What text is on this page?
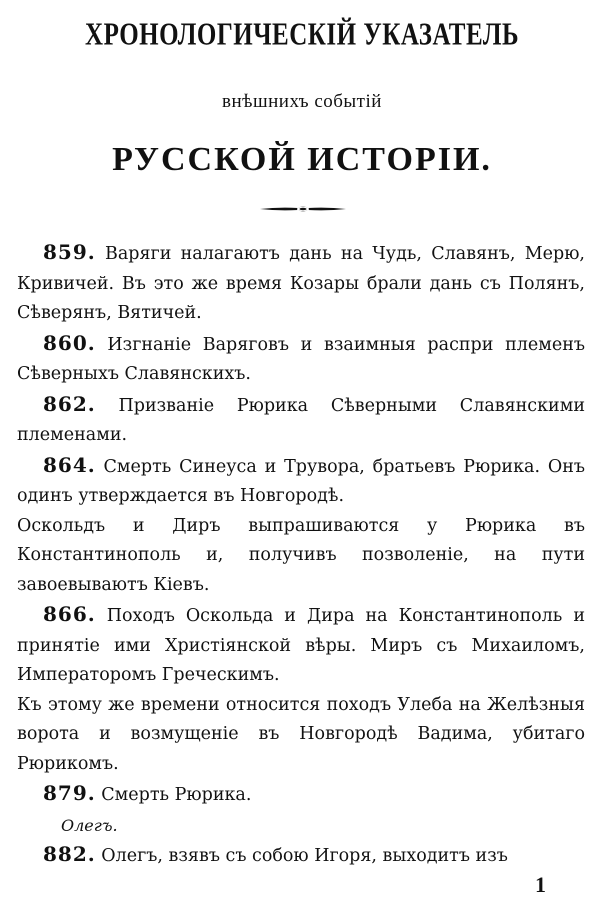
ХРОНОЛОГИЧЕСКІЙ УКАЗАТЕЛЬ
внѣшнихъ событій
РУССКОЙ ИСТОРІИ.

859. Варяги налагаютъ дань на Чудь, Славянъ, Мерю, Кривичей. Въ это же время Козары брали дань съ Полянъ, Сѣверянъ, Вятичей.

860. Изгнаніе Варяговъ и взаимныя распри племенъ Сѣверныхъ Славянскихъ.

862. Призваніе Рюрика Сѣверными Славянскими племенами.

864. Смерть Синеуса и Трувора, братьевъ Рюрика. Онъ одинъ утверждается въ Новгородѣ.

Оскольдъ и Диръ выпрашиваются у Рюрика въ Константинополь и, получивъ позволеніе, на пути завоевываютъ Кіевъ.

866. Походъ Оскольда и Дира на Константинополь и принятіе ими Христіянской вѣры. Миръ съ Михаиломъ, Императоромъ Греческимъ.

Къ этому же времени относится походъ Улеба на Желѣзныя ворота и возмущеніе въ Новгородѣ Вадима, убитаго Рюрикомъ.

879. Смерть Рюрика.

Олегъ.

882. Олегъ, взявъ съ собою Игоря, выходитъ изъ

1
